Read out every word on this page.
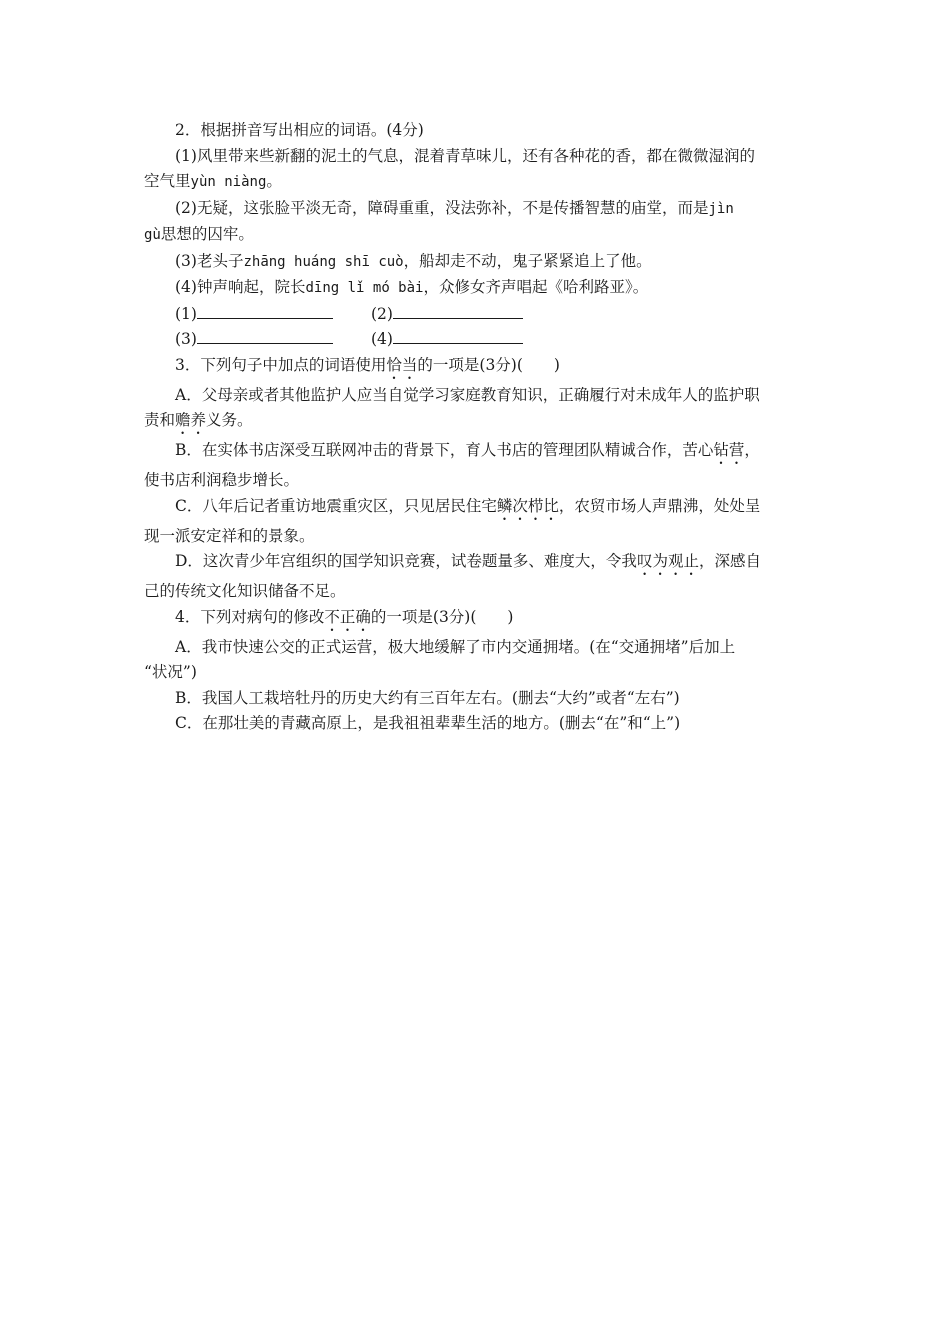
2．根据拼音写出相应的词语。(4分)
(1)风里带来些新翻的泥土的气息，混着青草味儿，还有各种花的香，都在微微湿润的
空气里yùn niàng。
(2)无疑，这张脸平淡无奇，障碍重重，没法弥补，不是传播智慧的庙堂，而是jìn
gù思想的囚牢。
(3)老头子zhāng huáng shī cuò，船却走不动，鬼子紧紧追上了他。
(4)钟声响起，院长dīng lǐ mó bài，众修女齐声唱起《哈利路亚》。
(1)	(2)
(3)	(4)
3．下列句子中加点的词语使用恰当的一项是(3分)(　　)
A．父母亲或者其他监护人应当自觉学习家庭教育知识，正确履行对未成年人的监护职
责和赡养义务。
B．在实体书店深受互联网冲击的背景下，育人书店的管理团队精诚合作，苦心钻营，
使书店利润稳步增长。
C．八年后记者重访地震重灾区，只见居民住宅鳞次栉比，农贸市场人声鼎沸，处处呈
现一派安定祥和的景象。
D．这次青少年宫组织的国学知识竞赛，试卷题量多、难度大，令我叹为观止，深感自
己的传统文化知识储备不足。
4．下列对病句的修改不正确的一项是(3分)(　　)
A．我市快速公交的正式运营，极大地缓解了市内交通拥堵。(在“交通拥堵”后加上
“状况”)
B．我国人工栽培牡丹的历史大约有三百年左右。(删去“大约”或者“左右”)
C．在那壮美的青藏高原上，是我祖祖辈辈生活的地方。(删去“在”和“上”)
